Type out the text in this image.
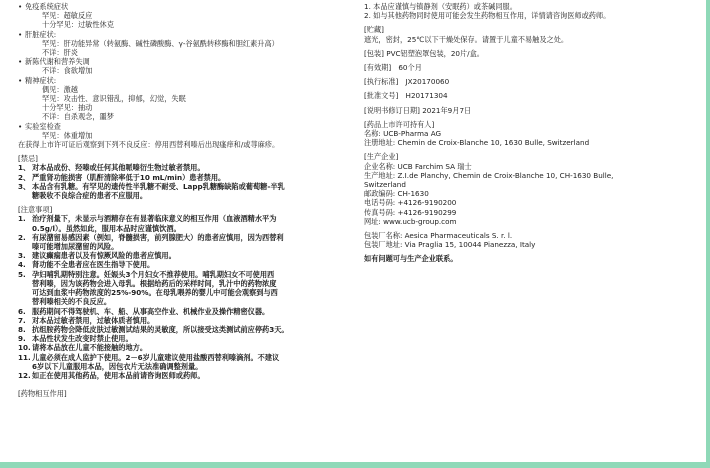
• 免疫系统症状
罕见：超敏反应
十分罕见：过敏性休克
• 肝脏症状:
罕见：肝功能异常（转氨酶、碱性磷酸酶、γ-谷氨酰转移酶和胆红素升高）
不详：肝炎
• 新陈代谢和营养失调
不详：食欲增加
• 精神症状:
偶见：激越
罕见：攻击性、意识错乱，抑郁，幻觉，失眠
十分罕见：抽动
不详：自杀观念，噩梦
• 实验室检查
罕见：体重增加
在获得上市许可证后观察到下列不良反应：停用西替利嗪后出现瘙痒和/或荨麻疹。
[禁忌]
1、 对本品成份、羟嗪或任何其他哌嗪衍生物过敏者禁用。
2、 严重肾功能损害（肌酐清除率低于10 mL/min）患者禁用。
3、 本品含有乳糖。有罕见的遗传性半乳糖不耐受、Lapp乳糖酶缺陷或葡萄糖-半乳
糖吸收不良综合症的患者不应服用。
[注意事项]
1. 治疗剂量下，未显示与酒精存在有显著临床意义的相互作用（血液酒精水平为
0.5g/l）。虽然如此，服用本品时应谨慎饮酒。
2. 有尿潴留易感因素（例如，脊髓损害，前列腺肥大）的患者应慎用，因为西替利
嗪可能增加尿潴留的风险。
3. 建议癫痫患者以及有惊厥风险的患者应慎用。
4. 肾功能不全患者应在医生指导下使用。
5. 孕妇哺乳期特别注意。妊娠头3个月妇女不推荐使用。哺乳期妇女不可使用西
替利嗪，因为该药物会进入母乳。根据给药后的采样时间，乳汁中的药物浓度
可达到血浆中药物浓度的25%-90%。在母乳喂养的婴儿中可能会观察到与西
替利嗪相关的不良反应。
6. 服药期间不得驾驶机、车、船、从事高空作业、机械作业及操作精密仪器。
7. 对本品过敏者禁用，过敏体质者慎用。
8. 抗组胺药物会降低皮肤过敏测试结果的灵敏度，所以接受这类测试前应停药3天。
9. 本品性状发生改变时禁止使用。
10.请将本品放在儿童不能接触的地方。
11.儿童必须在成人监护下使用。2－6岁儿童建议使用盐酸西替利嗪滴剂。不建议
6岁以下儿童服用本品，因包衣片无法准确调整剂量。
12.如正在使用其他药品，使用本品前请咨询医师或药师。
[药物相互作用]
1. 本品应谨慎与镇静剂（安眠药）或茶碱同服。
2. 如与其他药物同时使用可能会发生药物相互作用，详情请咨询医师或药师。
[贮藏]
遮光，密封，25℃以下干燥处保存。请置于儿童不易触及之处。
[包装] PVC铝塑泡罩包装，20片/盒。
[有效期]　60个月
[执行标准]　JX20170060
[批准文号]　H20171304
[说明书修订日期] 2021年9月7日
[药品上市许可持有人]
名称: UCB-Pharma AG
注册地址: Chemin de Croix-Blanche 10, 1630 Bulle, Switzerland
[生产企业]
企业名称: UCB Farchim SA 瑞士
生产地址: Z.I.de Planchy, Chemin de Croix-Blanche 10, CH-1630 Bulle,
Switzerland
邮政编码: CH-1630
电话号码: +4126-9190200
传真号码: +4126-9190299
网址: www.ucb-group.com
包装厂名称: Aesica Pharmaceuticals S. r. l.
包装厂地址: Via Praglia 15, 10044 Pianezza, Italy
如有问题可与生产企业联系。
